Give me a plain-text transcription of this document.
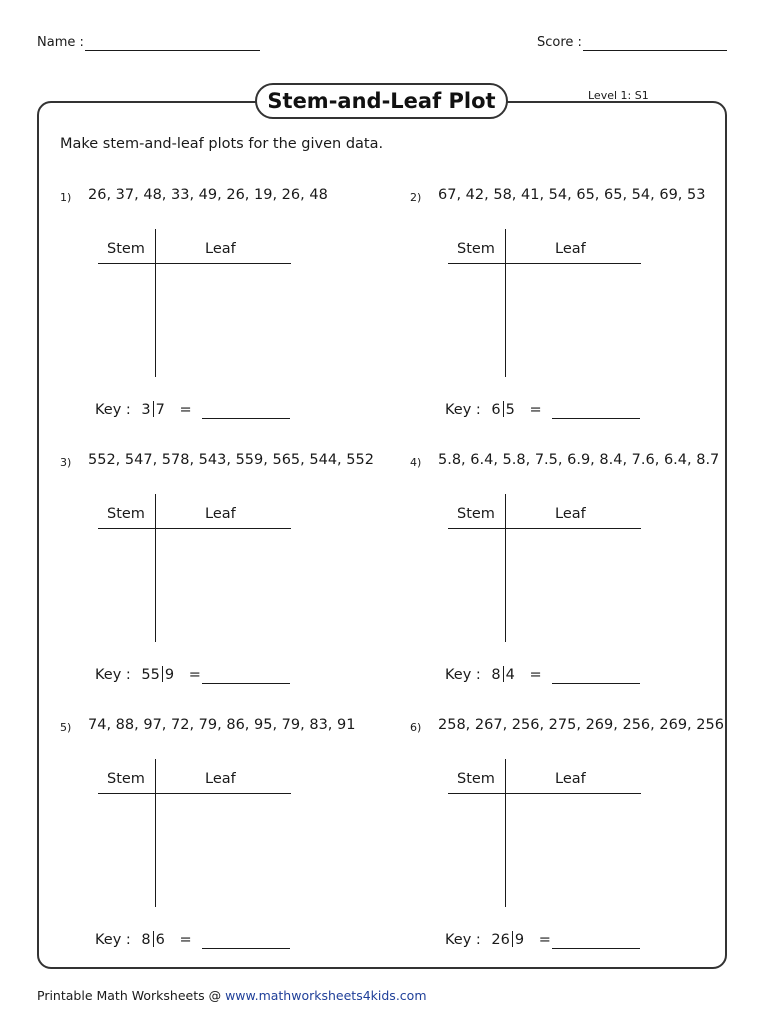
Name :	Score :
Stem-and-Leaf Plot	Level 1: S1
Make stem-and-leaf plots for the given data.
1) 26, 37, 48, 33, 49, 26, 19, 26, 48
Stem	Leaf
Key : 3 7 =
2) 67, 42, 58, 41, 54, 65, 65, 54, 69, 53
Stem	Leaf
Key : 6 5 =
3) 552, 547, 578, 543, 559, 565, 544, 552
Stem	Leaf
Key : 55 9 =
4) 5.8, 6.4, 5.8, 7.5, 6.9, 8.4, 7.6, 6.4, 8.7
Stem	Leaf
Key : 8 4 =
5) 74, 88, 97, 72, 79, 86, 95, 79, 83, 91
Stem	Leaf
Key : 8 6 =
6) 258, 267, 256, 275, 269, 256, 269, 256
Stem	Leaf
Key : 26 9 =
Printable Math Worksheets @ www.mathworksheets4kids.com
